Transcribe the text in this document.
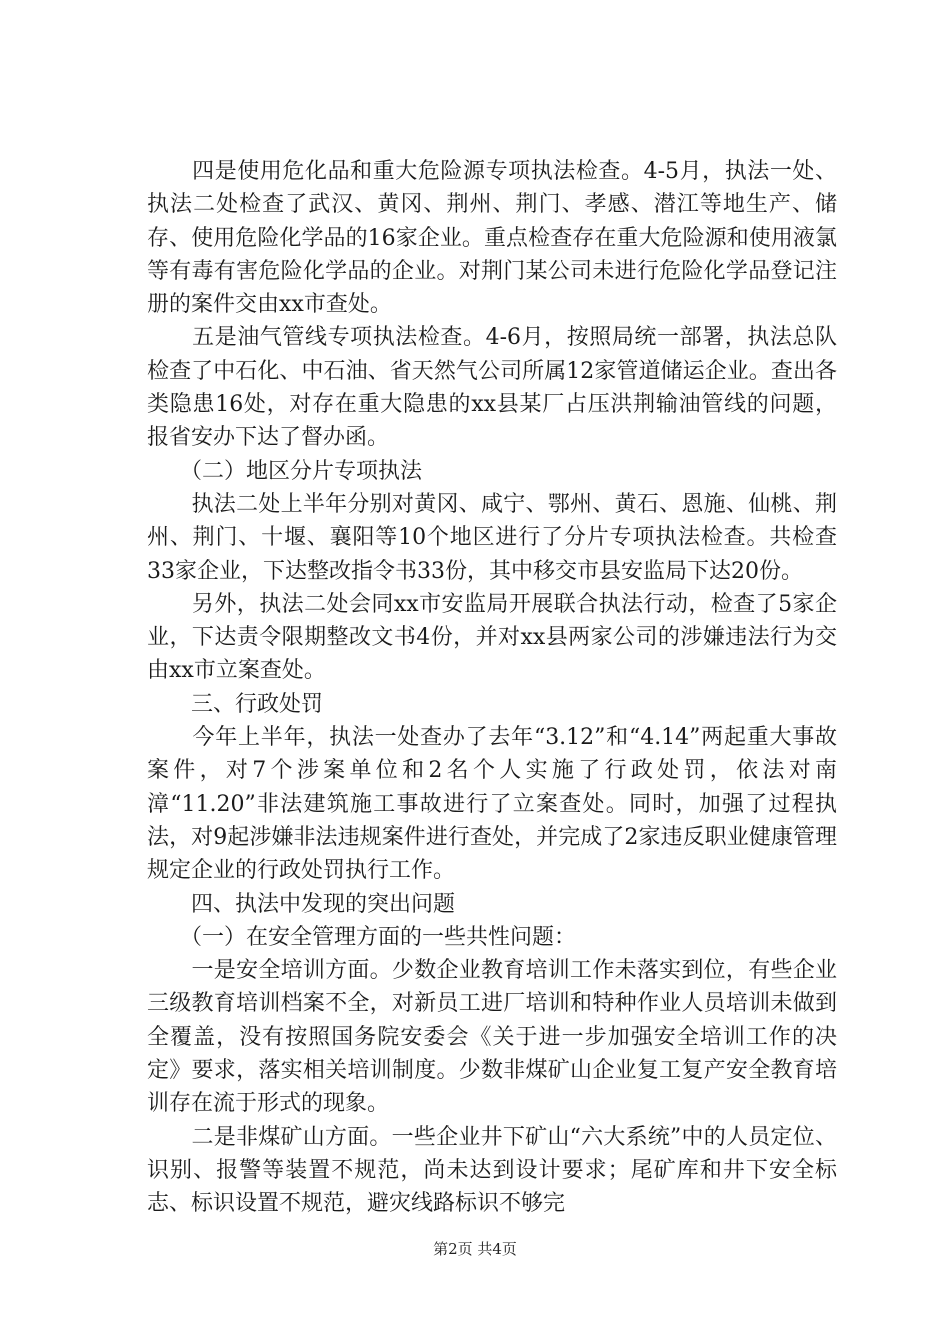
　　四是使用危化品和重大危险源专项执法检查。4-5月，执法一处、执法二处检查了武汉、黄冈、荆州、荆门、孝感、潜江等地生产、储存、使用危险化学品的16家企业。重点检查存在重大危险源和使用液氯等有毒有害危险化学品的企业。对荆门某公司未进行危险化学品登记注册的案件交由xx市查处。

　　五是油气管线专项执法检查。4-6月，按照局统一部署，执法总队检查了中石化、中石油、省天然气公司所属12家管道储运企业。查出各类隐患16处，对存在重大隐患的xx县某厂占压洪荆输油管线的问题，报省安办下达了督办函。

　　（二）地区分片专项执法

　　执法二处上半年分别对黄冈、咸宁、鄂州、黄石、恩施、仙桃、荆州、荆门、十堰、襄阳等10个地区进行了分片专项执法检查。共检查33家企业，下达整改指令书33份，其中移交市县安监局下达20份。

　　另外，执法二处会同xx市安监局开展联合执法行动，检查了5家企业，下达责令限期整改文书4份，并对xx县两家公司的涉嫌违法行为交由xx市立案查处。

　　三、行政处罚

　　今年上半年，执法一处查办了去年“3.12”和“4.14”两起重大事故案件，对7个涉案单位和2名个人实施了行政处罚，依法对南漳“11.20”非法建筑施工事故进行了立案查处。同时，加强了过程执法，对9起涉嫌非法违规案件进行查处，并完成了2家违反职业健康管理规定企业的行政处罚执行工作。

　　四、执法中发现的突出问题

　　（一）在安全管理方面的一些共性问题：

　　一是安全培训方面。少数企业教育培训工作未落实到位，有些企业三级教育培训档案不全，对新员工进厂培训和特种作业人员培训未做到全覆盖，没有按照国务院安委会《关于进一步加强安全培训工作的决定》要求，落实相关培训制度。少数非煤矿山企业复工复产安全教育培训存在流于形式的现象。

　　二是非煤矿山方面。一些企业井下矿山“六大系统”中的人员定位、识别、报警等装置不规范，尚未达到设计要求；尾矿库和井下安全标志、标识设置不规范，避灾线路标识不够完

第2页 共4页
